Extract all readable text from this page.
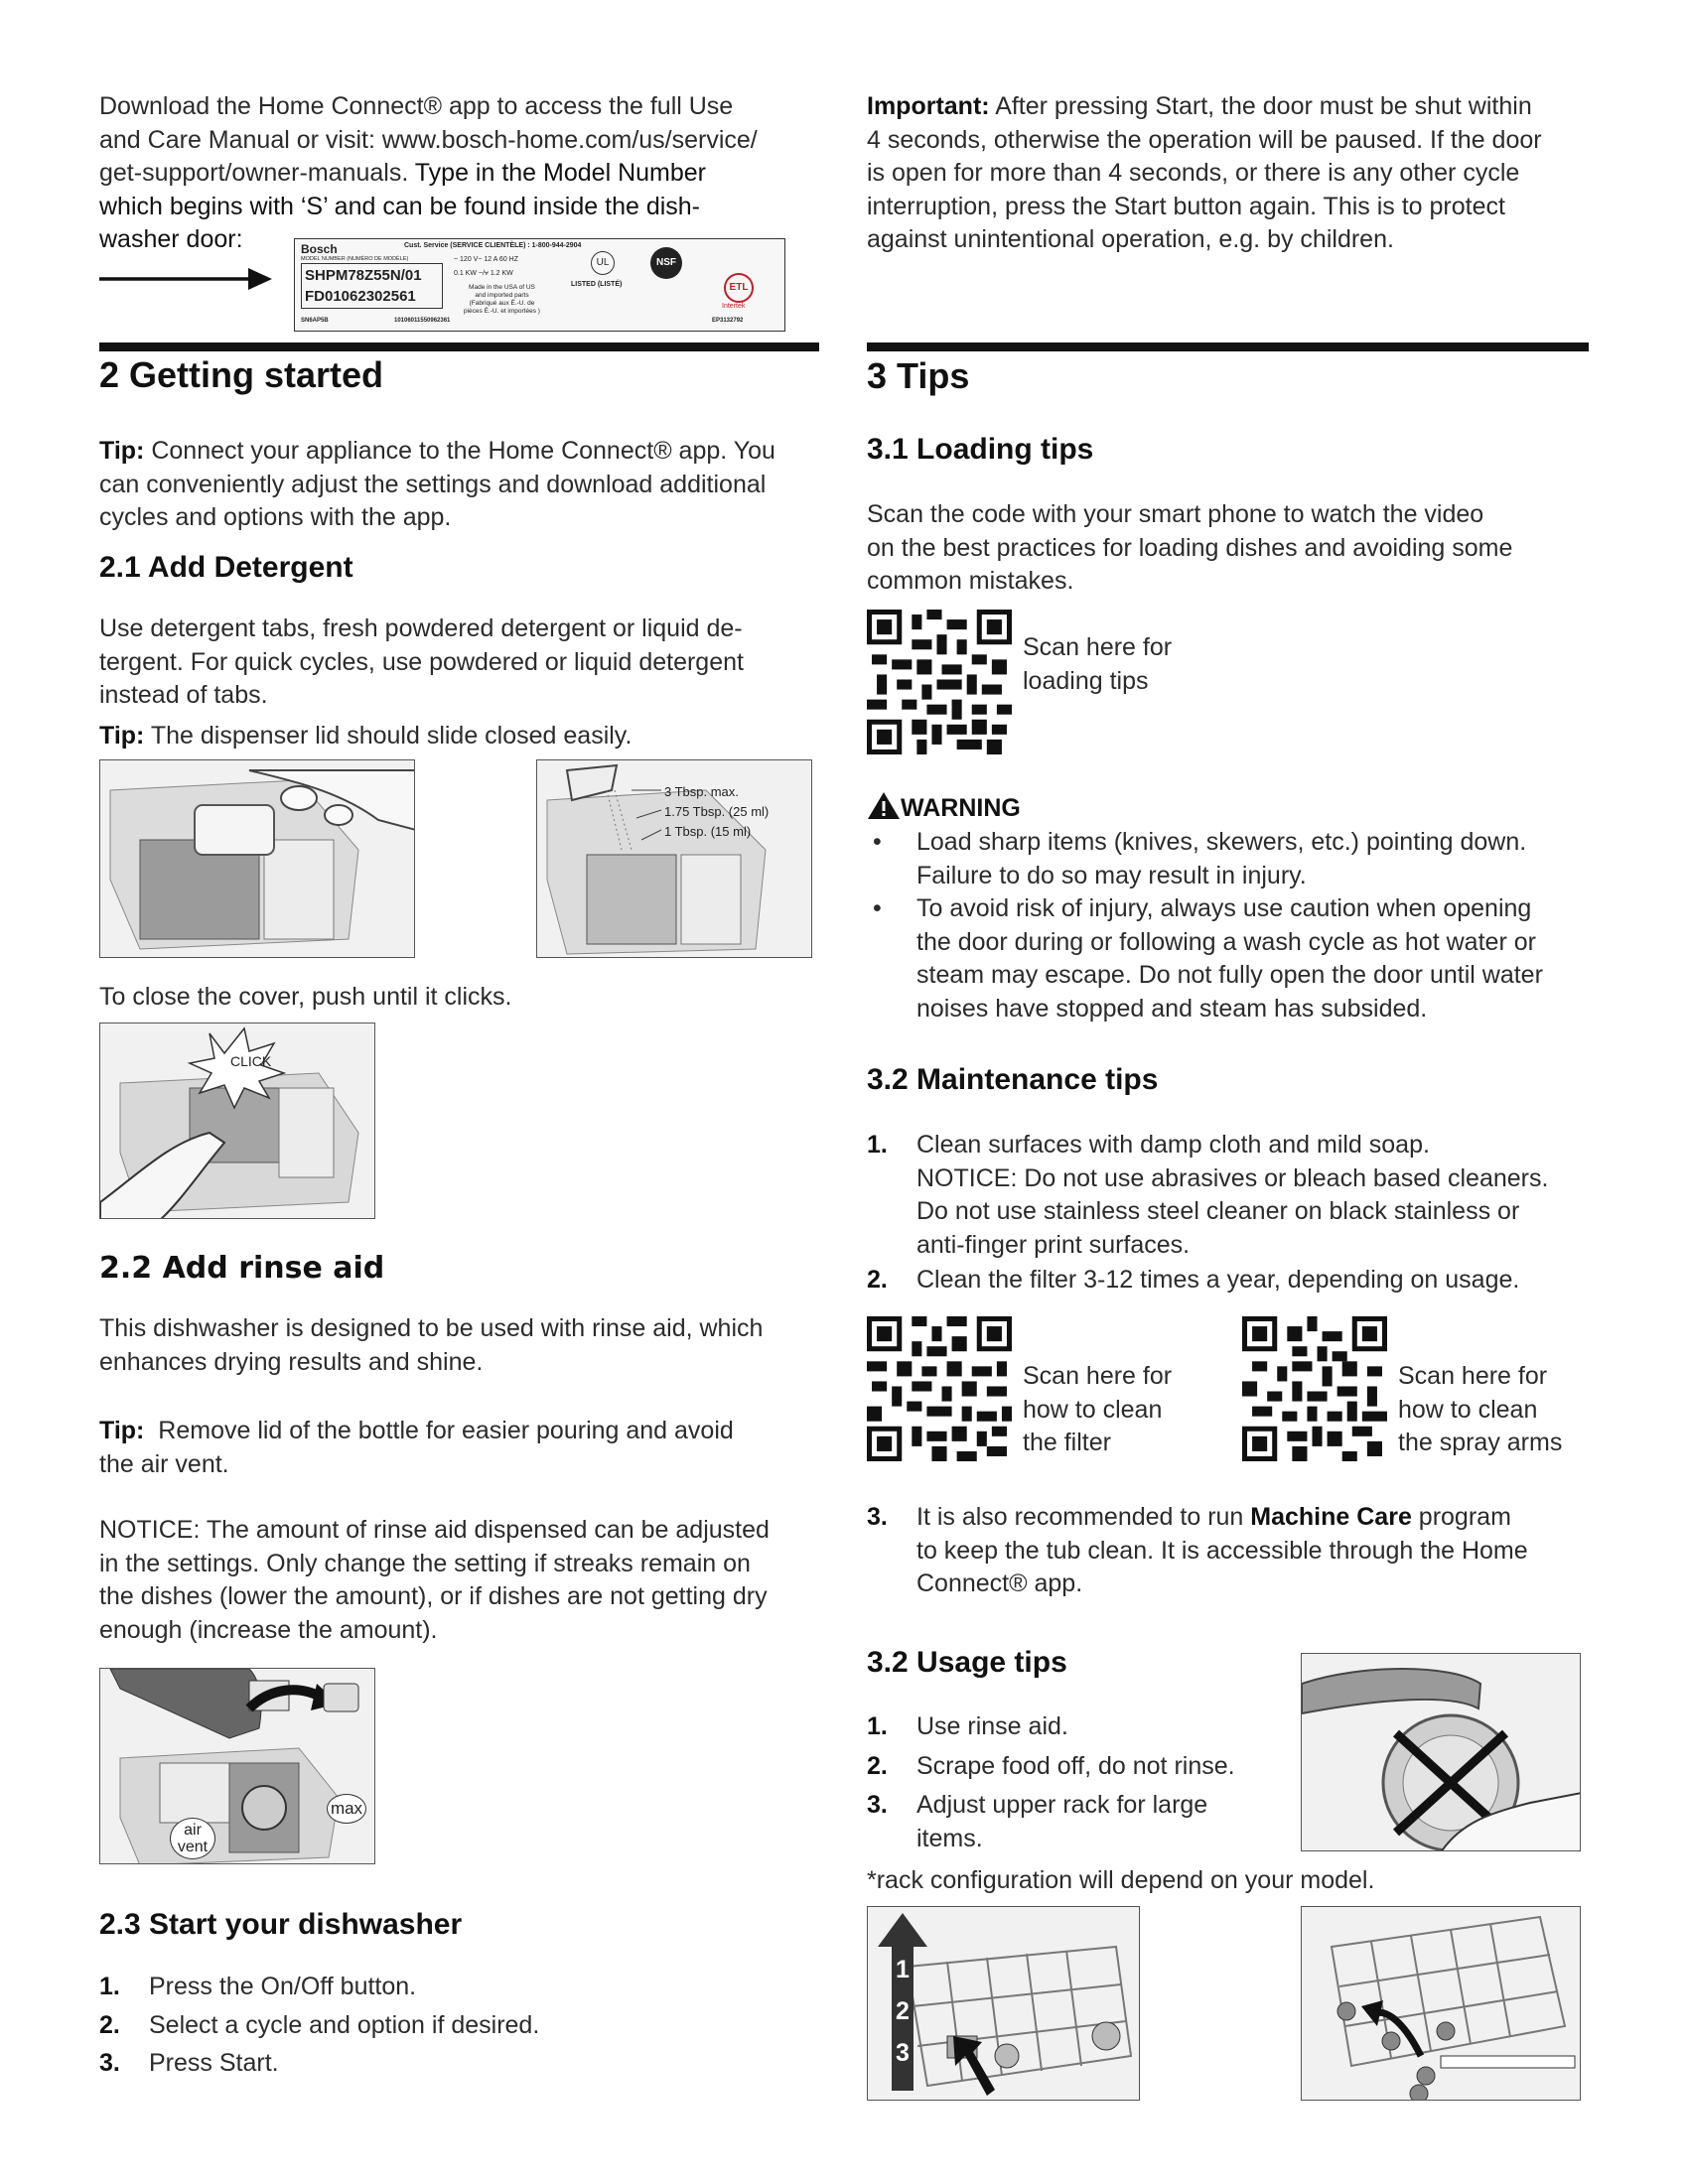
Download the Home Connect® app to access the full Use
and Care Manual or visit: www.bosch-home.com/us/service/
get-support/owner-manuals. Type in the Model Number
which begins with ‘S’ and can be found inside the dish-
washer door:	Bosch	Cust. Service (SERVICE CLIENTÈLE) : 1-800-944-2904
MODEL NUMBER (NUMÉRO DE MODÈLE)
SHPM78Z55N/01
FD01062302561
~ 120 V~ 12 A 60 HZ
0.1 KW ~/⩝ 1.2 KW
Made in the USA of US
and imported parts
(Fabriqué aux É.-U. de
pièces É.-U. et importées )
LISTED (LISTÉ)
UL	NSF
ETL
Intertek
SN6AP5B	10106011550962361	EP3132792
2 Getting started
Tip: Connect your appliance to the Home Connect® app. You
can conveniently adjust the settings and download additional
cycles and options with the app.
2.1 Add Detergent
Use detergent tabs, fresh powdered detergent or liquid de-
tergent. For quick cycles, use powdered or liquid detergent
instead of tabs.
Tip: The dispenser lid should slide closed easily.
3 Tbsp. max.
1.75 Tbsp. (25 ml)
1 Tbsp. (15 ml)
To close the cover, push until it clicks.
CLICK
2.2 Add rinse aid
This dishwasher is designed to be used with rinse aid, which
enhances drying results and shine.
Tip: Remove lid of the bottle for easier pouring and avoid
the air vent.
NOTICE: The amount of rinse aid dispensed can be adjusted
in the settings. Only change the setting if streaks remain on
the dishes (lower the amount), or if dishes are not getting dry
enough (increase the amount).
max
air
vent
2.3 Start your dishwasher
1. Press the On/Off button.
2. Select a cycle and option if desired.
3. Press Start.
Important: After pressing Start, the door must be shut within
4 seconds, otherwise the operation will be paused. If the door
is open for more than 4 seconds, or there is any other cycle
interruption, press the Start button again. This is to protect
against unintentional operation, e.g. by children.
3 Tips
3.1 Loading tips
Scan the code with your smart phone to watch the video
on the best practices for loading dishes and avoiding some
common mistakes.
Scan here for
loading tips
WARNING
• Load sharp items (knives, skewers, etc.) pointing down.
Failure to do so may result in injury.
• To avoid risk of injury, always use caution when opening
the door during or following a wash cycle as hot water or
steam may escape. Do not fully open the door until water
noises have stopped and steam has subsided.
3.2 Maintenance tips
1. Clean surfaces with damp cloth and mild soap.
NOTICE: Do not use abrasives or bleach based cleaners.
Do not use stainless steel cleaner on black stainless or
anti-finger print surfaces.
2. Clean the filter 3-12 times a year, depending on usage.
Scan here for
how to clean
the filter
Scan here for
how to clean
the spray arms
3. It is also recommended to run Machine Care program
to keep the tub clean. It is accessible through the Home
Connect® app.
3.2 Usage tips
1. Use rinse aid.
2. Scrape food off, do not rinse.
3. Adjust upper rack for large
items.
*rack configuration will depend on your model.
1
2
3
